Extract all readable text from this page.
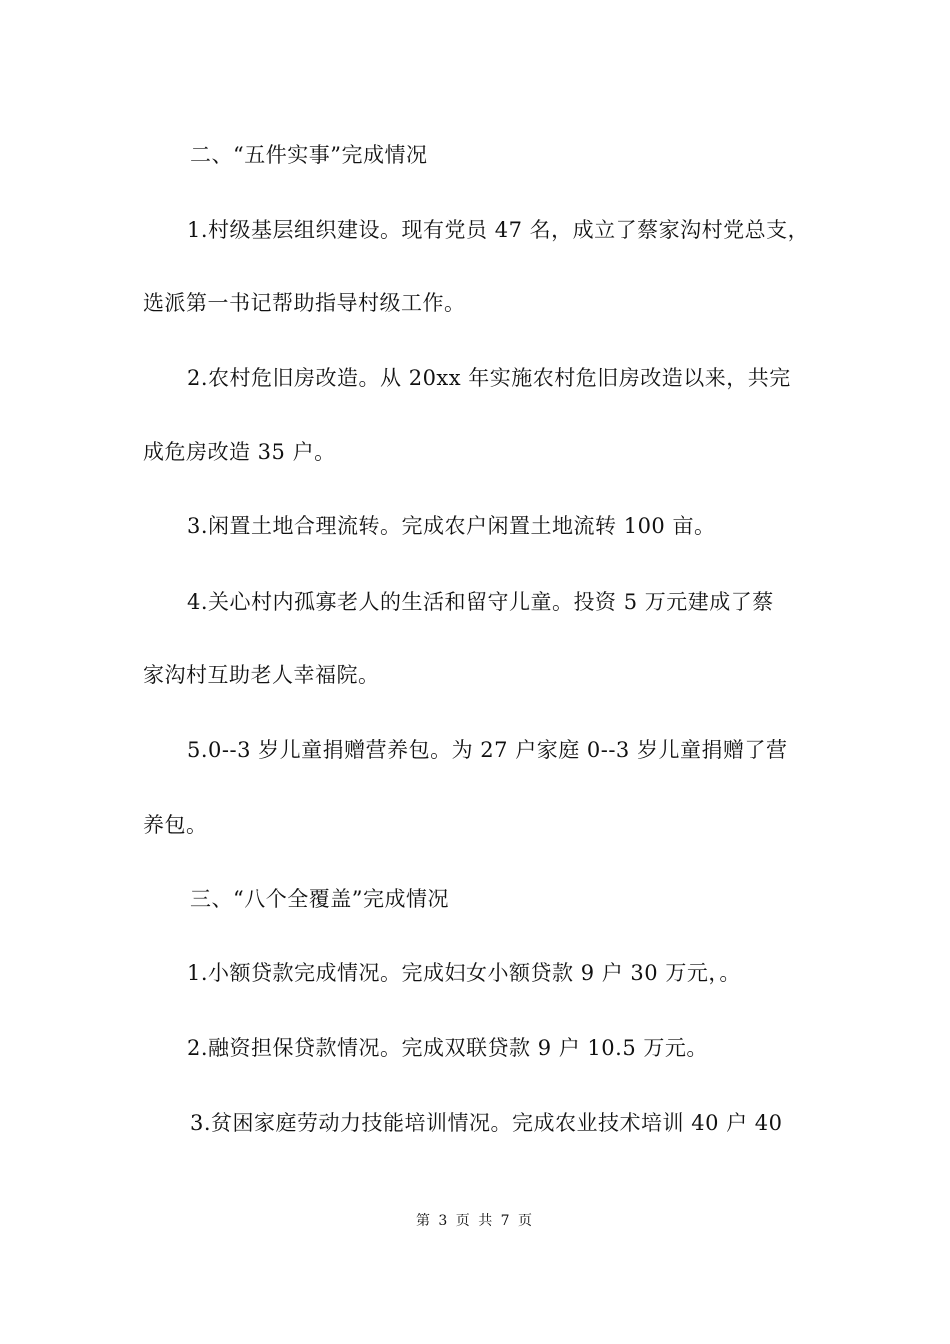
二、“五件实事”完成情况
1.村级基层组织建设。现有党员 47 名，成立了蔡家沟村党总支，
选派第一书记帮助指导村级工作。
2.农村危旧房改造。从 20xx 年实施农村危旧房改造以来，共完
成危房改造 35 户。
3.闲置土地合理流转。完成农户闲置土地流转 100 亩。
4.关心村内孤寡老人的生活和留守儿童。投资 5 万元建成了蔡
家沟村互助老人幸福院。
5.0--3 岁儿童捐赠营养包。为 27 户家庭 0--3 岁儿童捐赠了营
养包。
三、“八个全覆盖”完成情况
1.小额贷款完成情况。完成妇女小额贷款 9 户 30 万元，。
2.融资担保贷款情况。完成双联贷款 9 户 10.5 万元。
3.贫困家庭劳动力技能培训情况。完成农业技术培训 40 户 40
第 3 页 共 7 页
